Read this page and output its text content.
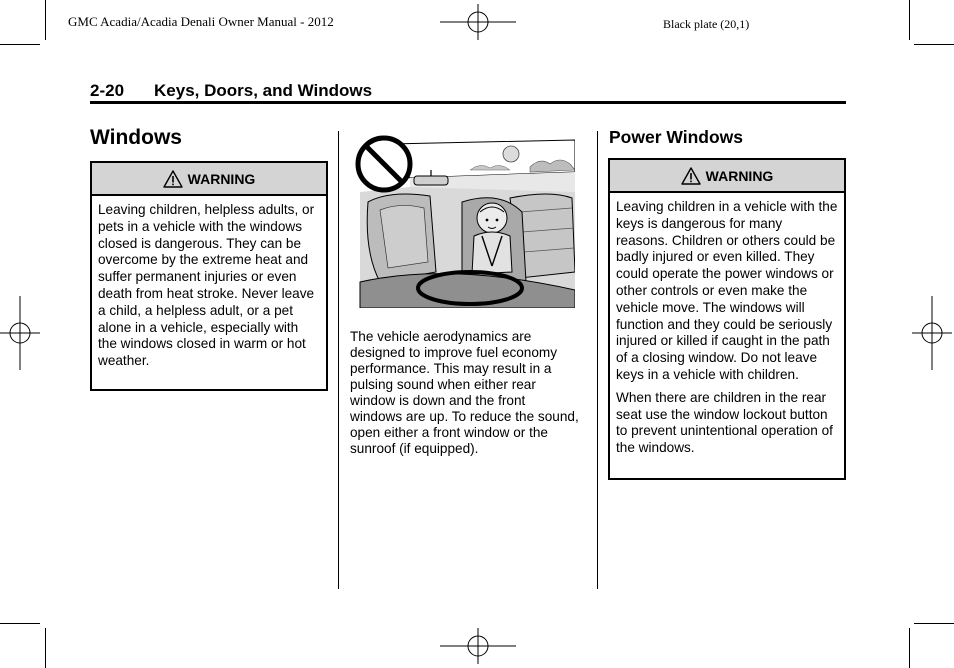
GMC Acadia/Acadia Denali Owner Manual - 2012	Black plate (20,1)
2-20 Keys, Doors, and Windows
Windows
WARNING

Leaving children, helpless adults, or pets in a vehicle with the windows closed is dangerous. They can be overcome by the extreme heat and suffer permanent injuries or even death from heat stroke. Never leave a child, a helpless adult, or a pet alone in a vehicle, especially with the windows closed in warm or hot weather.

The vehicle aerodynamics are designed to improve fuel economy performance. This may result in a pulsing sound when either rear window is down and the front windows are up. To reduce the sound, open either a front window or the sunroof (if equipped).
Power Windows
WARNING

Leaving children in a vehicle with the keys is dangerous for many reasons. Children or others could be badly injured or even killed. They could operate the power windows or other controls or even make the vehicle move. The windows will function and they could be seriously injured or killed if caught in the path of a closing window. Do not leave keys in a vehicle with children.

When there are children in the rear seat use the window lockout button to prevent unintentional operation of the windows.
